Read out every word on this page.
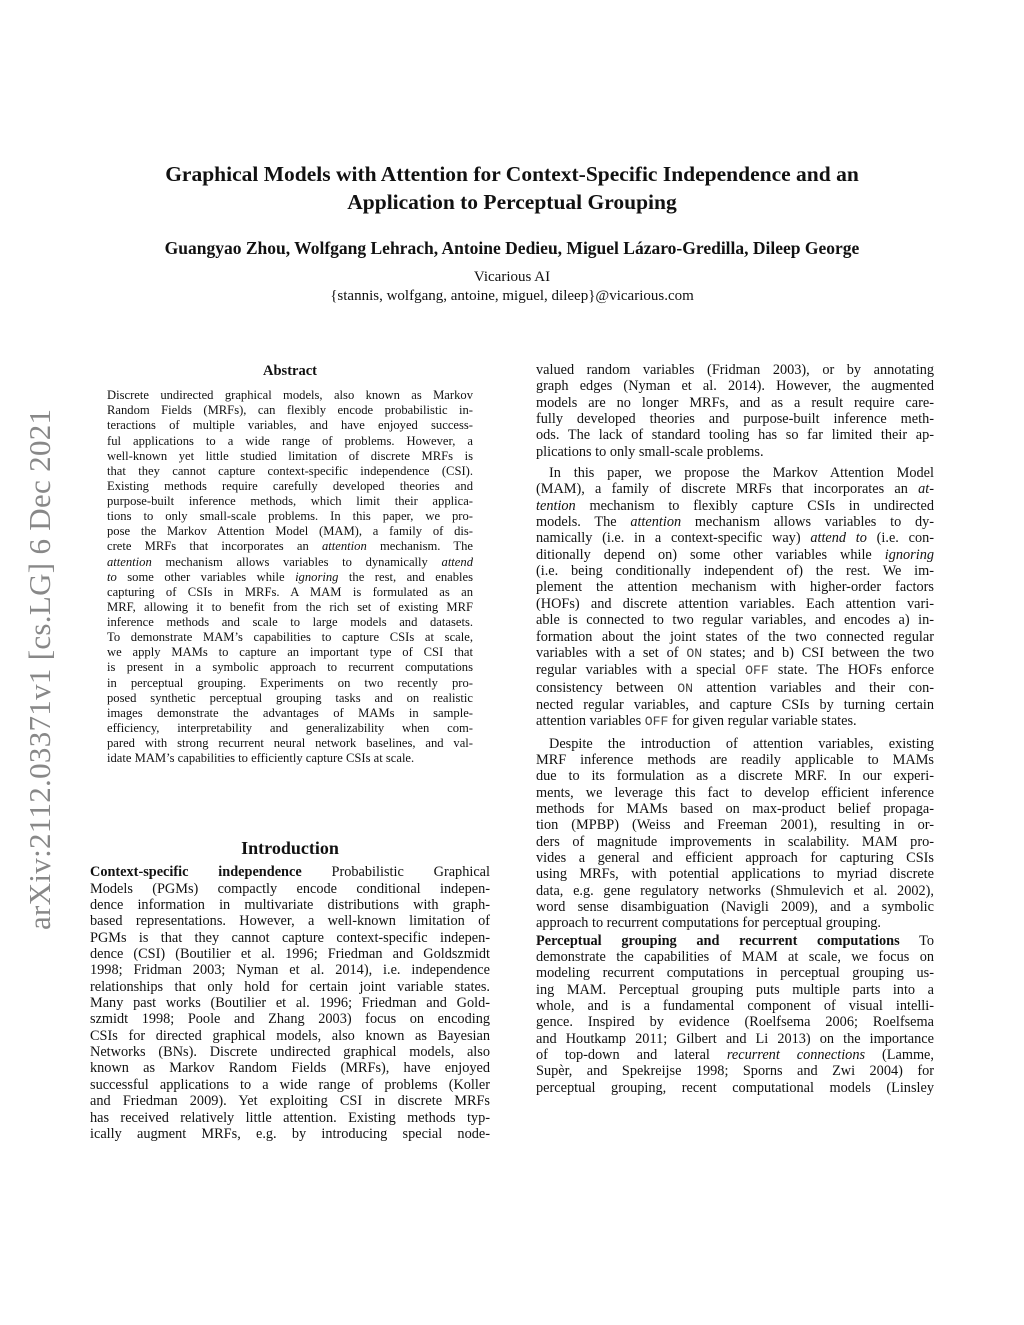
arXiv:2112.03371v1 [cs.LG] 6 Dec 2021
Graphical Models with Attention for Context-Specific Independence and an
Application to Perceptual Grouping
Guangyao Zhou, Wolfgang Lehrach, Antoine Dedieu, Miguel Lázaro-Gredilla, Dileep George
Vicarious AI
{stannis, wolfgang, antoine, miguel, dileep}@vicarious.com
Abstract
Discrete undirected graphical models, also known as Markov
Random Fields (MRFs), can flexibly encode probabilistic in-
teractions of multiple variables, and have enjoyed success-
ful applications to a wide range of problems. However, a
well-known yet little studied limitation of discrete MRFs is
that they cannot capture context-specific independence (CSI).
Existing methods require carefully developed theories and
purpose-built inference methods, which limit their applica-
tions to only small-scale problems. In this paper, we pro-
pose the Markov Attention Model (MAM), a family of dis-
crete MRFs that incorporates an attention mechanism. The
attention mechanism allows variables to dynamically attend
to some other variables while ignoring the rest, and enables
capturing of CSIs in MRFs. A MAM is formulated as an
MRF, allowing it to benefit from the rich set of existing MRF
inference methods and scale to large models and datasets.
To demonstrate MAM’s capabilities to capture CSIs at scale,
we apply MAMs to capture an important type of CSI that
is present in a symbolic approach to recurrent computations
in perceptual grouping. Experiments on two recently pro-
posed synthetic perceptual grouping tasks and on realistic
images demonstrate the advantages of MAMs in sample-
efficiency, interpretability and generalizability when com-
pared with strong recurrent neural network baselines, and val-
idate MAM’s capabilities to efficiently capture CSIs at scale.
Introduction
Context-specific independence Probabilistic Graphical
Models (PGMs) compactly encode conditional indepen-
dence information in multivariate distributions with graph-
based representations. However, a well-known limitation of
PGMs is that they cannot capture context-specific indepen-
dence (CSI) (Boutilier et al. 1996; Friedman and Goldszmidt
1998; Fridman 2003; Nyman et al. 2014), i.e. independence
relationships that only hold for certain joint variable states.
Many past works (Boutilier et al. 1996; Friedman and Gold-
szmidt 1998; Poole and Zhang 2003) focus on encoding
CSIs for directed graphical models, also known as Bayesian
Networks (BNs). Discrete undirected graphical models, also
known as Markov Random Fields (MRFs), have enjoyed
successful applications to a wide range of problems (Koller
and Friedman 2009). Yet exploiting CSI in discrete MRFs
has received relatively little attention. Existing methods typ-
ically augment MRFs, e.g. by introducing special node-
valued random variables (Fridman 2003), or by annotating
graph edges (Nyman et al. 2014). However, the augmented
models are no longer MRFs, and as a result require care-
fully developed theories and purpose-built inference meth-
ods. The lack of standard tooling has so far limited their ap-
plications to only small-scale problems.
In this paper, we propose the Markov Attention Model
(MAM), a family of discrete MRFs that incorporates an at-
tention mechanism to flexibly capture CSIs in undirected
models. The attention mechanism allows variables to dy-
namically (i.e. in a context-specific way) attend to (i.e. con-
ditionally depend on) some other variables while ignoring
(i.e. being conditionally independent of) the rest. We im-
plement the attention mechanism with higher-order factors
(HOFs) and discrete attention variables. Each attention vari-
able is connected to two regular variables, and encodes a) in-
formation about the joint states of the two connected regular
variables with a set of ON states; and b) CSI between the two
regular variables with a special OFF state. The HOFs enforce
consistency between ON attention variables and their con-
nected regular variables, and capture CSIs by turning certain
attention variables OFF for given regular variable states.
Despite the introduction of attention variables, existing
MRF inference methods are readily applicable to MAMs
due to its formulation as a discrete MRF. In our experi-
ments, we leverage this fact to develop efficient inference
methods for MAMs based on max-product belief propaga-
tion (MPBP) (Weiss and Freeman 2001), resulting in or-
ders of magnitude improvements in scalability. MAM pro-
vides a general and efficient approach for capturing CSIs
using MRFs, with potential applications to myriad discrete
data, e.g. gene regulatory networks (Shmulevich et al. 2002),
word sense disambiguation (Navigli 2009), and a symbolic
approach to recurrent computations for perceptual grouping.
Perceptual grouping and recurrent computations To
demonstrate the capabilities of MAM at scale, we focus on
modeling recurrent computations in perceptual grouping us-
ing MAM. Perceptual grouping puts multiple parts into a
whole, and is a fundamental component of visual intelli-
gence. Inspired by evidence (Roelfsema 2006; Roelfsema
and Houtkamp 2011; Gilbert and Li 2013) on the importance
of top-down and lateral recurrent connections (Lamme,
Supèr, and Spekreijse 1998; Sporns and Zwi 2004) for
perceptual grouping, recent computational models (Linsley
